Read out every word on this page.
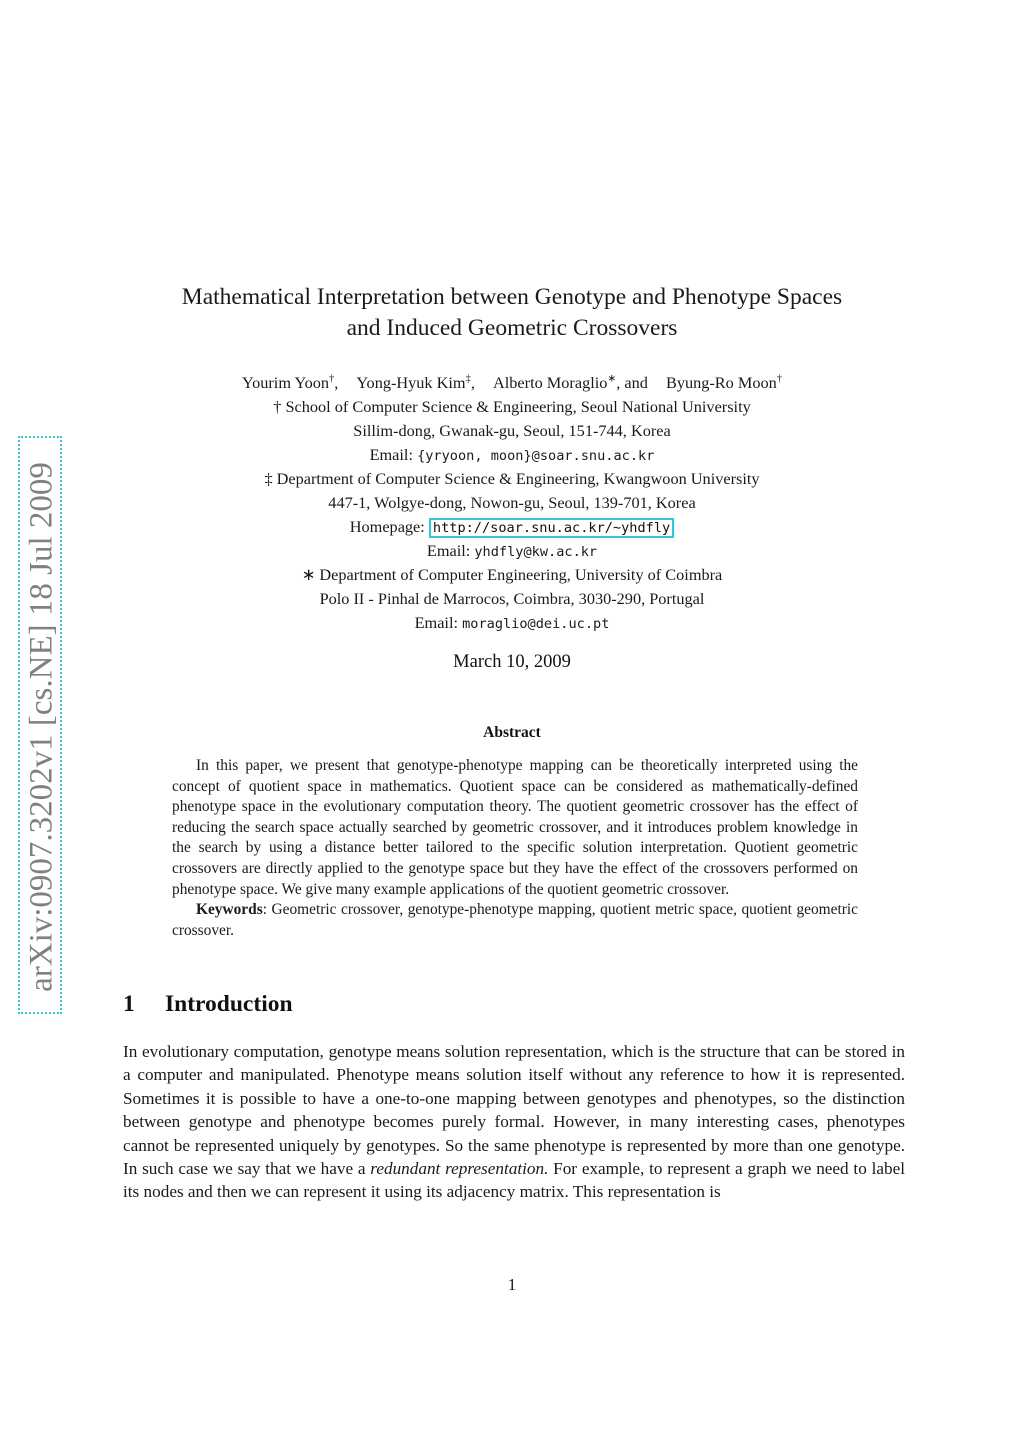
arXiv:0907.3202v1 [cs.NE] 18 Jul 2009
Mathematical Interpretation between Genotype and Phenotype Spaces
and Induced Geometric Crossovers
Yourim Yoon†, Yong-Hyuk Kim‡, Alberto Moraglio∗, and Byung-Ro Moon†
† School of Computer Science & Engineering, Seoul National University
Sillim-dong, Gwanak-gu, Seoul, 151-744, Korea
Email: {yryoon, moon}@soar.snu.ac.kr
‡ Department of Computer Science & Engineering, Kwangwoon University
447-1, Wolgye-dong, Nowon-gu, Seoul, 139-701, Korea
Homepage: http://soar.snu.ac.kr/∼yhdfly
Email: yhdfly@kw.ac.kr
∗ Department of Computer Engineering, University of Coimbra
Polo II - Pinhal de Marrocos, Coimbra, 3030-290, Portugal
Email: moraglio@dei.uc.pt
March 10, 2009
Abstract

In this paper, we present that genotype-phenotype mapping can be theoretically interpreted using the concept of quotient space in mathematics. Quotient space can be considered as mathematically-defined phenotype space in the evolutionary computation theory. The quotient geometric crossover has the effect of reducing the search space actually searched by geometric crossover, and it introduces problem knowledge in the search by using a distance better tailored to the specific solution interpretation. Quotient geometric crossovers are directly applied to the genotype space but they have the effect of the crossovers performed on phenotype space. We give many example applications of the quotient geometric crossover.

Keywords: Geometric crossover, genotype-phenotype mapping, quotient metric space, quotient geometric crossover.

1 Introduction

In evolutionary computation, genotype means solution representation, which is the structure that can be stored in a computer and manipulated. Phenotype means solution itself without any reference to how it is represented. Sometimes it is possible to have a one-to-one mapping between genotypes and phenotypes, so the distinction between genotype and phenotype becomes purely formal. However, in many interesting cases, phenotypes cannot be represented uniquely by genotypes. So the same phenotype is represented by more than one genotype. In such case we say that we have a redundant representation. For example, to represent a graph we need to label its nodes and then we can represent it using its adjacency matrix. This representation is

1
